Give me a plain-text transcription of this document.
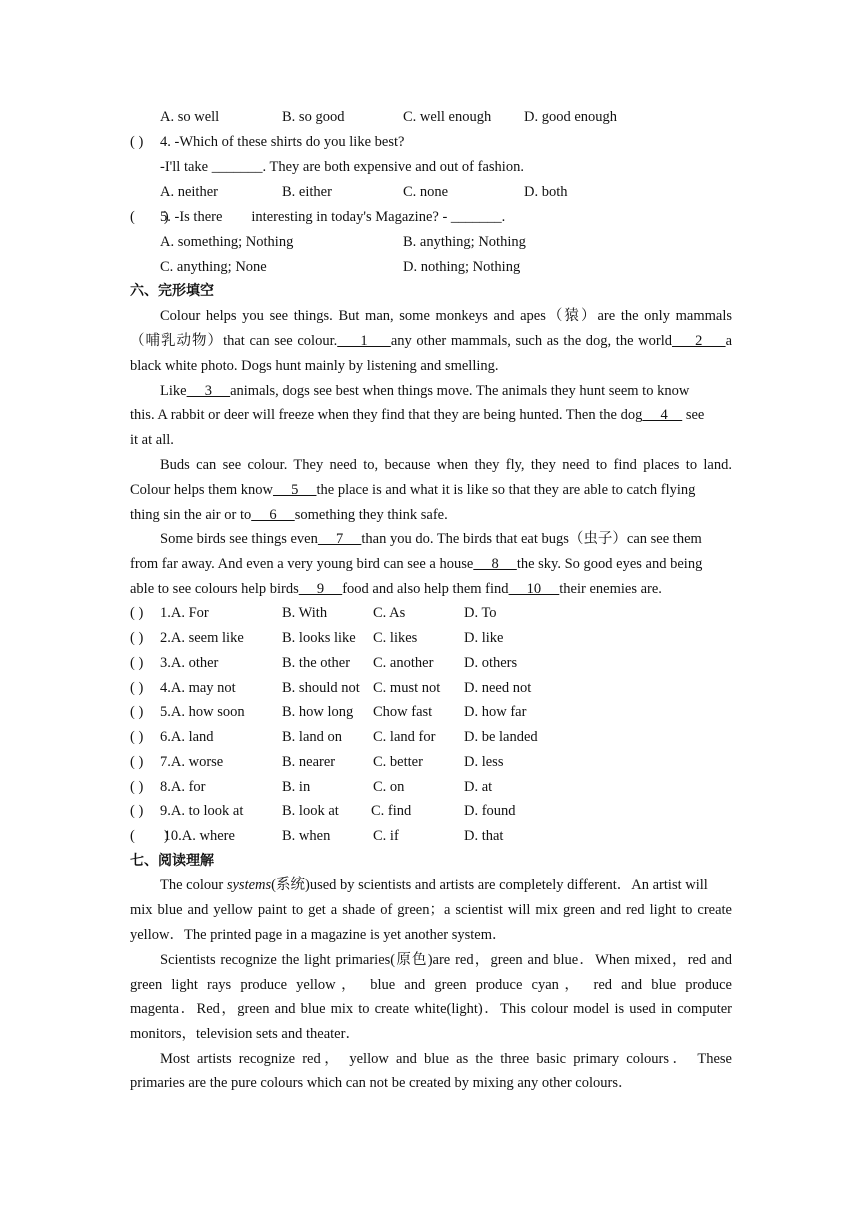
A. so well	B. so good	C. well enough D. good enough
( ) 4. -Which of these shirts do you like best?
-I'll take _______. They are both expensive and out of fashion.
A. neither	B. either	C. none	D. both
(        )5. -Is there        interesting in today's Magazine? - _______.
A. something; Nothing	B. anything; Nothing
C. anything; None	D. nothing; Nothing
六、完形填空
Colour helps you see things. But man, some monkeys and apes（猿）are the only mammals
（哺乳动物）that can see colour.     1     any other mammals, such as the dog, the world     2     a
black white photo. Dogs hunt mainly by listening and smelling.
Like     3     animals, dogs see best when things move. The animals they hunt seem to know
this. A rabbit or deer will freeze when they find that they are being hunted. Then the dog     4     see
it at all.
Buds can see colour. They need to, because when they fly, they need to find places to land.
Colour helps them know     5     the place is and what it is like so that they are able to catch flying
thing sin the air or to     6     something they think safe.
Some birds see things even     7     than you do. The birds that eat bugs（虫子）can see them
from far away. And even a very young bird can see a house     8     the sky. So good eyes and being
able to see colours help birds     9     food and also help them find     10     their enemies are.
( ) 1.A. For	B. With	C. As	D. To
( ) 2.A. seem like	B. looks like C. likes	D. like
( ) 3.A. other	B. the other C. another D. others
( ) 4.A. may not	B. should not C. must not D. need not
( ) 5.A. how soon	B. how long Chow fast D. how far
( ) 6.A. land	B. land on C. land for D. be landed
( ) 7.A. worse	B. nearer	C. better	D. less
( ) 8.A. for	B. in	C. on	D. at
( ) 9.A. to look at	B. look at C. find	D. found
(        ) 10.A. where	B. when	C. if	D. that
七、阅读理解
The colour systems(系统)used by scientists and artists are completely different．An artist will
mix blue and yellow paint to get a shade of green；a scientist will mix green and red light to create
yellow．The printed page in a magazine is yet another system．
Scientists recognize the light primaries(原色)are red，green and blue．When mixed，red and
green light rays produce yellow， blue and green produce cyan， red and blue produce
magenta．Red，green and blue mix to create white(light)．This colour model is used in computer
monitors，television sets and theater．
Most artists recognize red， yellow and blue as the three basic primary colours． These
primaries are the pure colours which can not be created by mixing any other colours．
